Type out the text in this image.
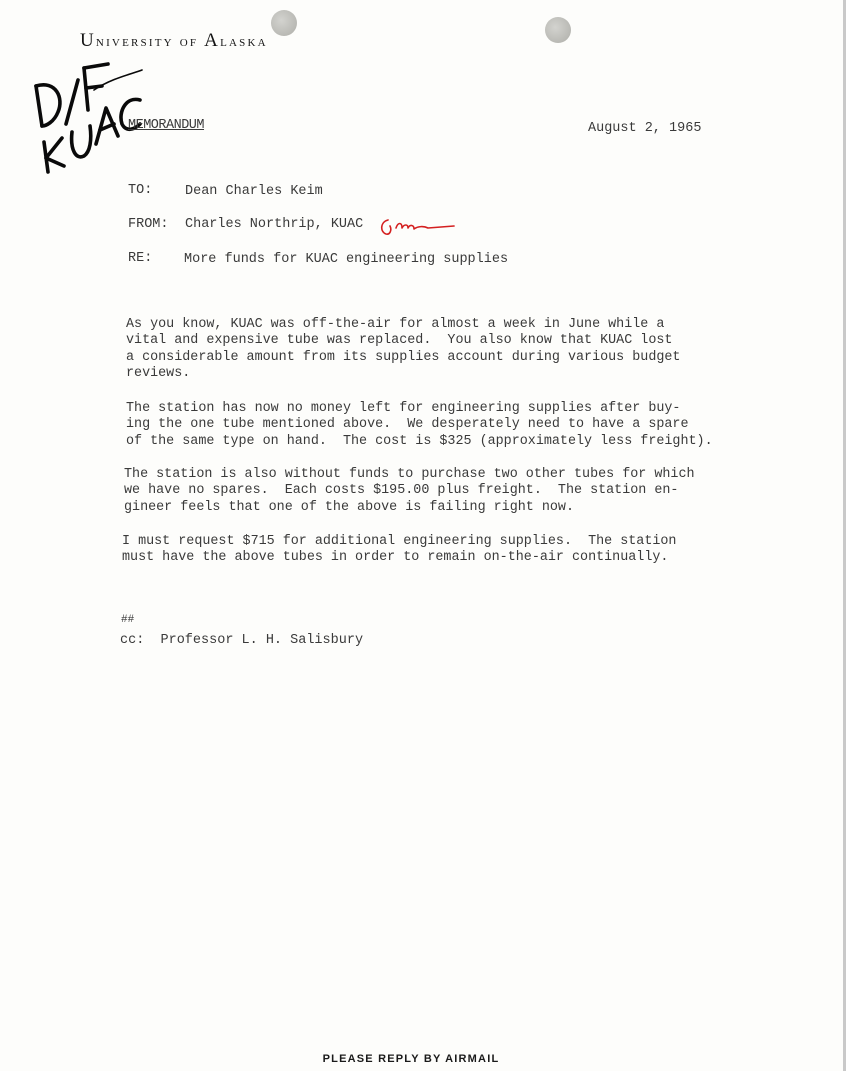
University of Alaska
MEMORANDUM	August 2, 1965
TO: Dean Charles Keim
FROM: Charles Northrip, KUAC
RE: More funds for KUAC engineering supplies
As you know, KUAC was off-the-air for almost a week in June while a
vital and expensive tube was replaced.  You also know that KUAC lost
a considerable amount from its supplies account during various budget
reviews.
The station has now no money left for engineering supplies after buy-
ing the one tube mentioned above.  We desperately need to have a spare
of the same type on hand.  The cost is $325 (approximately less freight).
The station is also without funds to purchase two other tubes for which
we have no spares.  Each costs $195.00 plus freight.  The station en-
gineer feels that one of the above is failing right now.
I must request $715 for additional engineering supplies.  The station
must have the above tubes in order to remain on-the-air continually.
##
cc:  Professor L. H. Salisbury
PLEASE REPLY BY AIRMAIL
